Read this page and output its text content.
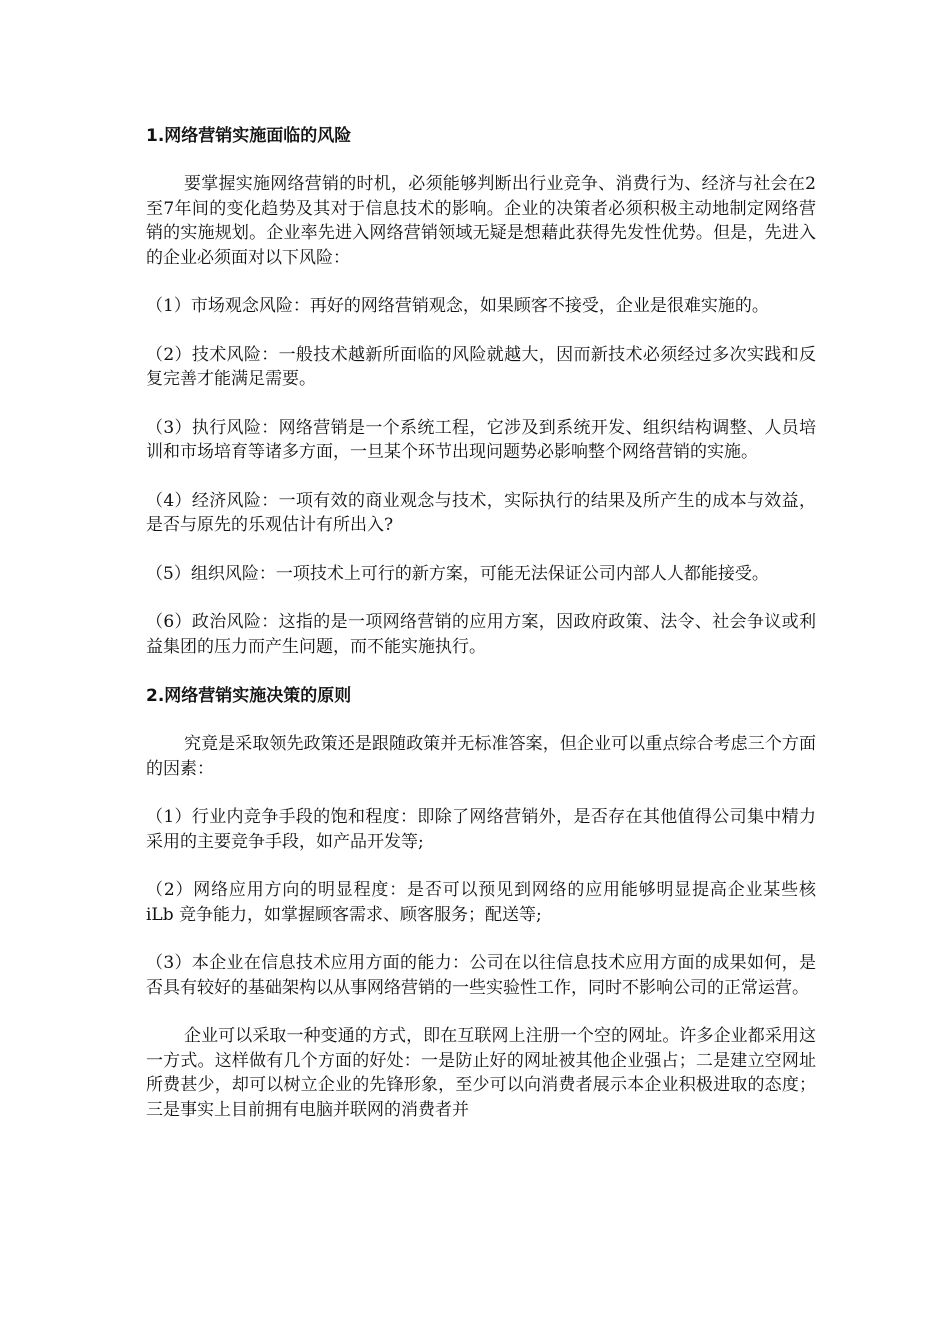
1.网络营销实施面临的风险

要掌握实施网络营销的时机，必须能够判断出行业竞争、消费行为、经济与社会在2至7年间的变化趋势及其对于信息技术的影响。企业的决策者必须积极主动地制定网络营销的实施规划。企业率先进入网络营销领域无疑是想藉此获得先发性优势。但是，先进入的企业必须面对以下风险：

（1）市场观念风险：再好的网络营销观念，如果顾客不接受，企业是很难实施的。

（2）技术风险：一般技术越新所面临的风险就越大，因而新技术必须经过多次实践和反复完善才能满足需要。

（3）执行风险：网络营销是一个系统工程，它涉及到系统开发、组织结构调整、人员培训和市场培育等诸多方面，一旦某个环节出现问题势必影响整个网络营销的实施。

（4）经济风险：一项有效的商业观念与技术，实际执行的结果及所产生的成本与效益，是否与原先的乐观估计有所出入?

（5）组织风险：一项技术上可行的新方案，可能无法保证公司内部人人都能接受。

（6）政治风险：这指的是一项网络营销的应用方案，因政府政策、法令、社会争议或利益集团的压力而产生问题，而不能实施执行。

2.网络营销实施决策的原则

究竟是采取领先政策还是跟随政策并无标准答案，但企业可以重点综合考虑三个方面的因素：

（1）行业内竞争手段的饱和程度：即除了网络营销外，是否存在其他值得公司集中精力采用的主要竞争手段，如产品开发等;

（2）网络应用方向的明显程度：是否可以预见到网络的应用能够明显提高企业某些核 iLb 竞争能力，如掌握顾客需求、顾客服务；配送等;

（3）本企业在信息技术应用方面的能力：公司在以往信息技术应用方面的成果如何，是否具有较好的基础架构以从事网络营销的一些实验性工作，同时不影响公司的正常运营。

企业可以采取一种变通的方式，即在互联网上注册一个空的网址。许多企业都采用这一方式。这样做有几个方面的好处：一是防止好的网址被其他企业强占；二是建立空网址所费甚少，却可以树立企业的先锋形象，至少可以向消费者展示本企业积极进取的态度；三是事实上目前拥有电脑并联网的消费者并
